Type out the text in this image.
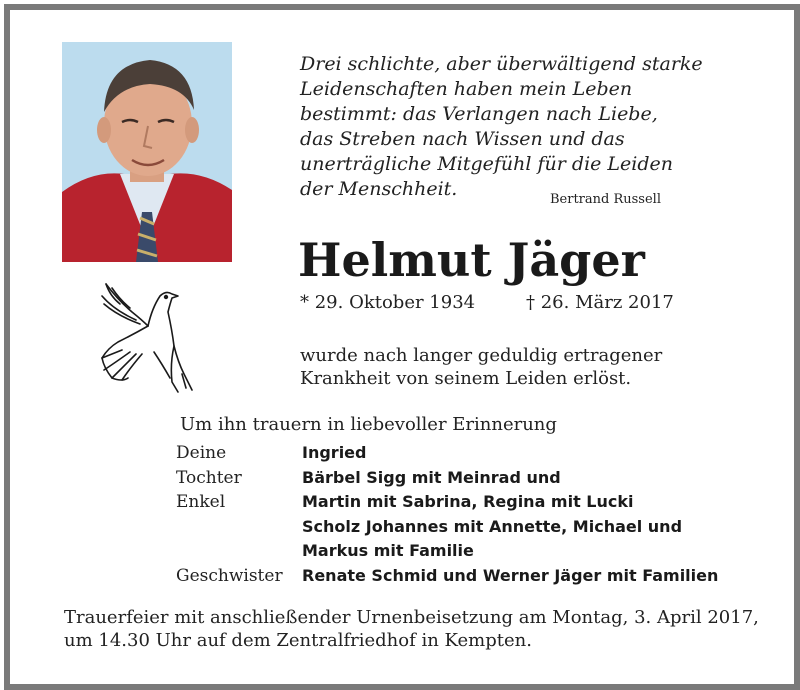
Drei schlichte, aber überwältigend starke
Leidenschaften haben mein Leben
bestimmt: das Verlangen nach Liebe,
das Streben nach Wissen und das
unerträgliche Mitgefühl für die Leiden
der Menschheit.	Bertrand Russell
Helmut Jäger
* 29. Oktober 1934	† 26. März 2017
wurde nach langer geduldig ertragener
Krankheit von seinem Leiden erlöst.
Um ihn trauern in liebevoller Erinnerung
Deine	Ingried
Tochter	Bärbel Sigg mit Meinrad und
Enkel	Martin mit Sabrina, Regina mit Lucki
Scholz Johannes mit Annette, Michael und
Markus mit Familie
Geschwister	Renate Schmid und Werner Jäger mit Familien
Trauerfeier mit anschließender Urnenbeisetzung am Montag, 3. April 2017,
um 14.30 Uhr auf dem Zentralfriedhof in Kempten.
